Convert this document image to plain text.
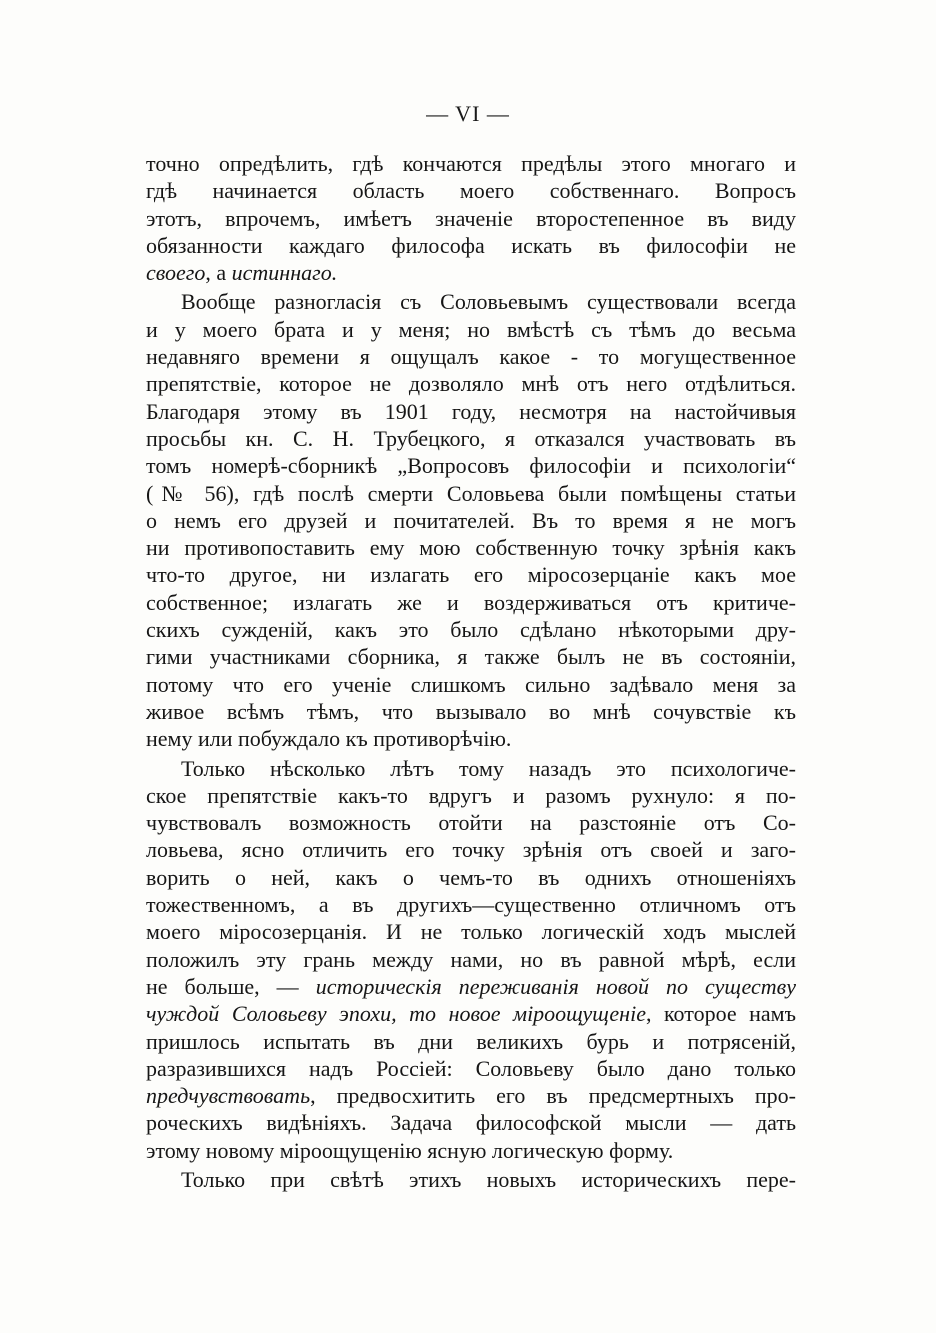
— VI —
точно опредѣлить, гдѣ кончаются предѣлы этого многаго и
гдѣ начинается область моего собственнаго. Вопросъ
этотъ, впрочемъ, имѣетъ значенiе второстепенное въ виду
обязанности каждаго философа искать въ философiи не
своего, а истиннаго.
Вообще разногласiя съ Соловьевымъ существовали всегда
и у моего брата и у меня; но вмѣстѣ съ тѣмъ до весьма
недавняго времени я ощущалъ какое - то могущественное
препятствiе, которое не дозволяло мнѣ отъ него отдѣлиться.
Благодаря этому въ 1901 году, несмотря на настойчивыя
просьбы кн. С. Н. Трубецкого, я отказался участвовать въ
томъ номерѣ-сборникѣ „Вопросовъ философiи и психологiи“
(№ 56), гдѣ послѣ смерти Соловьева были помѣщены статьи
о немъ его друзей и почитателей. Въ то время я не могъ
ни противопоставить ему мою собственную точку зрѣнiя какъ
что-то другое, ни излагать его мiросозерцанiе какъ мое
собственное; излагать же и воздерживаться отъ критиче-
скихъ сужденiй, какъ это было сдѣлано нѣкоторыми дру-
гими участниками сборника, я также былъ не въ состоянiи,
потому что его ученiе слишкомъ сильно задѣвало меня за
живое всѣмъ тѣмъ, что вызывало во мнѣ сочувствiе къ
нему или побуждало къ противорѣчiю.
Только нѣсколько лѣтъ тому назадъ это психологиче-
ское препятствiе какъ-то вдругъ и разомъ рухнуло: я по-
чувствовалъ возможность отойти на разстоянiе отъ Со-
ловьева, ясно отличить его точку зрѣнiя отъ своей и заго-
ворить о ней, какъ о чемъ-то въ однихъ отношенiяхъ
тожественномъ, а въ другихъ—существенно отличномъ отъ
моего мiросозерцанiя. И не только логическiй ходъ мыслей
положилъ эту грань между нами, но въ равной мѣрѣ, если
не больше, — историческiя переживанiя новой по существу
чуждой Соловьеву эпохи, то новое мiроощущенiе, которое намъ
пришлось испытать въ дни великихъ бурь и потрясенiй,
разразившихся надъ Россiей: Соловьеву было дано только
предчувствовать, предвосхитить его въ предсмертныхъ про-
роческихъ видѣнiяхъ. Задача философской мысли — дать
этому новому мiроощущенiю ясную логическую форму.
Только при свѣтѣ этихъ новыхъ историческихъ пере-
